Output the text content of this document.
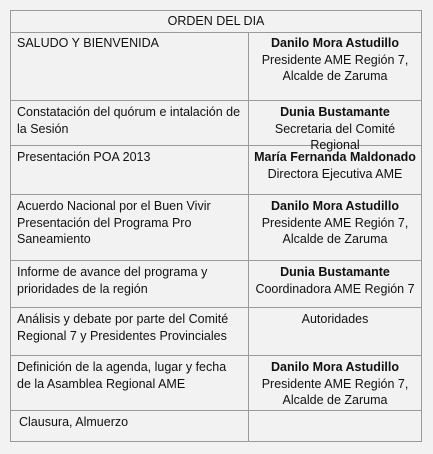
ORDEN DEL DIA
SALUDO Y BIENVENIDA	Danilo Mora Astudillo
Presidente AME Región 7,
Alcalde de Zaruma
Constatación del quórum e intalación de la Sesión
Dunia Bustamante
Secretaria del Comité Regional
Presentación POA 2013	María Fernanda Maldonado
Directora Ejecutiva AME
Acuerdo Nacional por el Buen Vivir Presentación del Programa Pro Saneamiento
Danilo Mora Astudillo
Presidente AME Región 7,
Alcalde de Zaruma
Informe de avance del programa y prioridades de la región
Dunia Bustamante
Coordinadora AME Región 7
Análisis y debate por parte del Comité Regional 7 y Presidentes Provinciales
Autoridades
Definición de la agenda, lugar y fecha de la Asamblea Regional AME
Danilo Mora Astudillo
Presidente AME Región 7,
Alcalde de Zaruma
Clausura, Almuerzo
